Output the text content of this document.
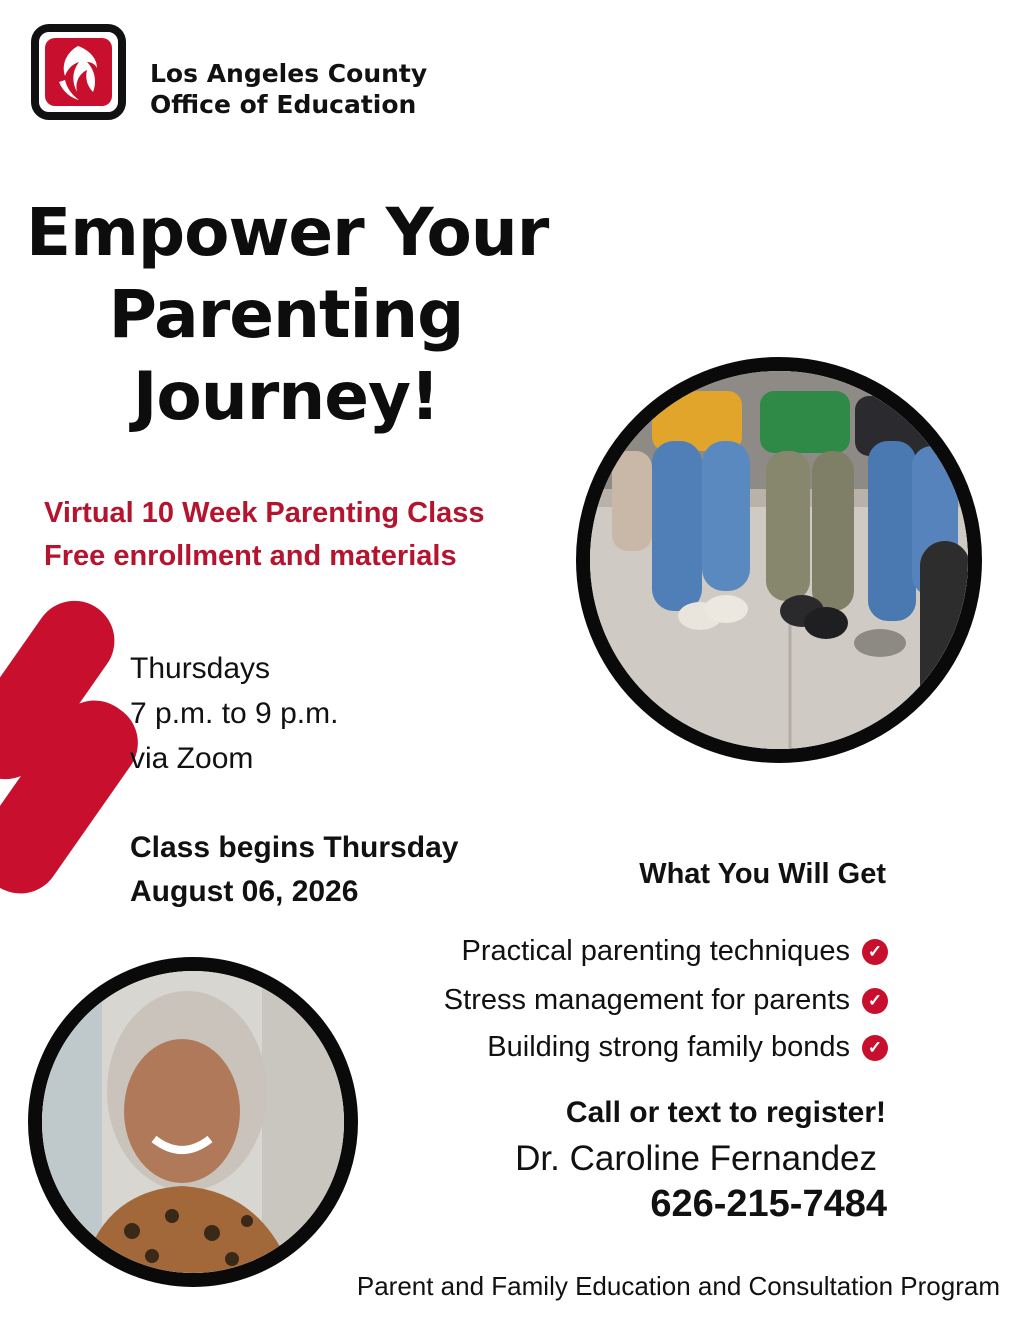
Los Angeles County
Office of Education
Empower Your
Parenting
Journey!
Virtual 10 Week Parenting Class
Free enrollment and materials
Thursdays
7 p.m. to 9 p.m.
via Zoom
Class begins Thursday
August 06, 2026
What You Will Get
Practical parenting techniques	✓
Stress management for parents	✓
Building strong family bonds	✓
Call or text to register!
Dr. Caroline Fernandez
626-215-7484
Parent and Family Education and Consultation Program
